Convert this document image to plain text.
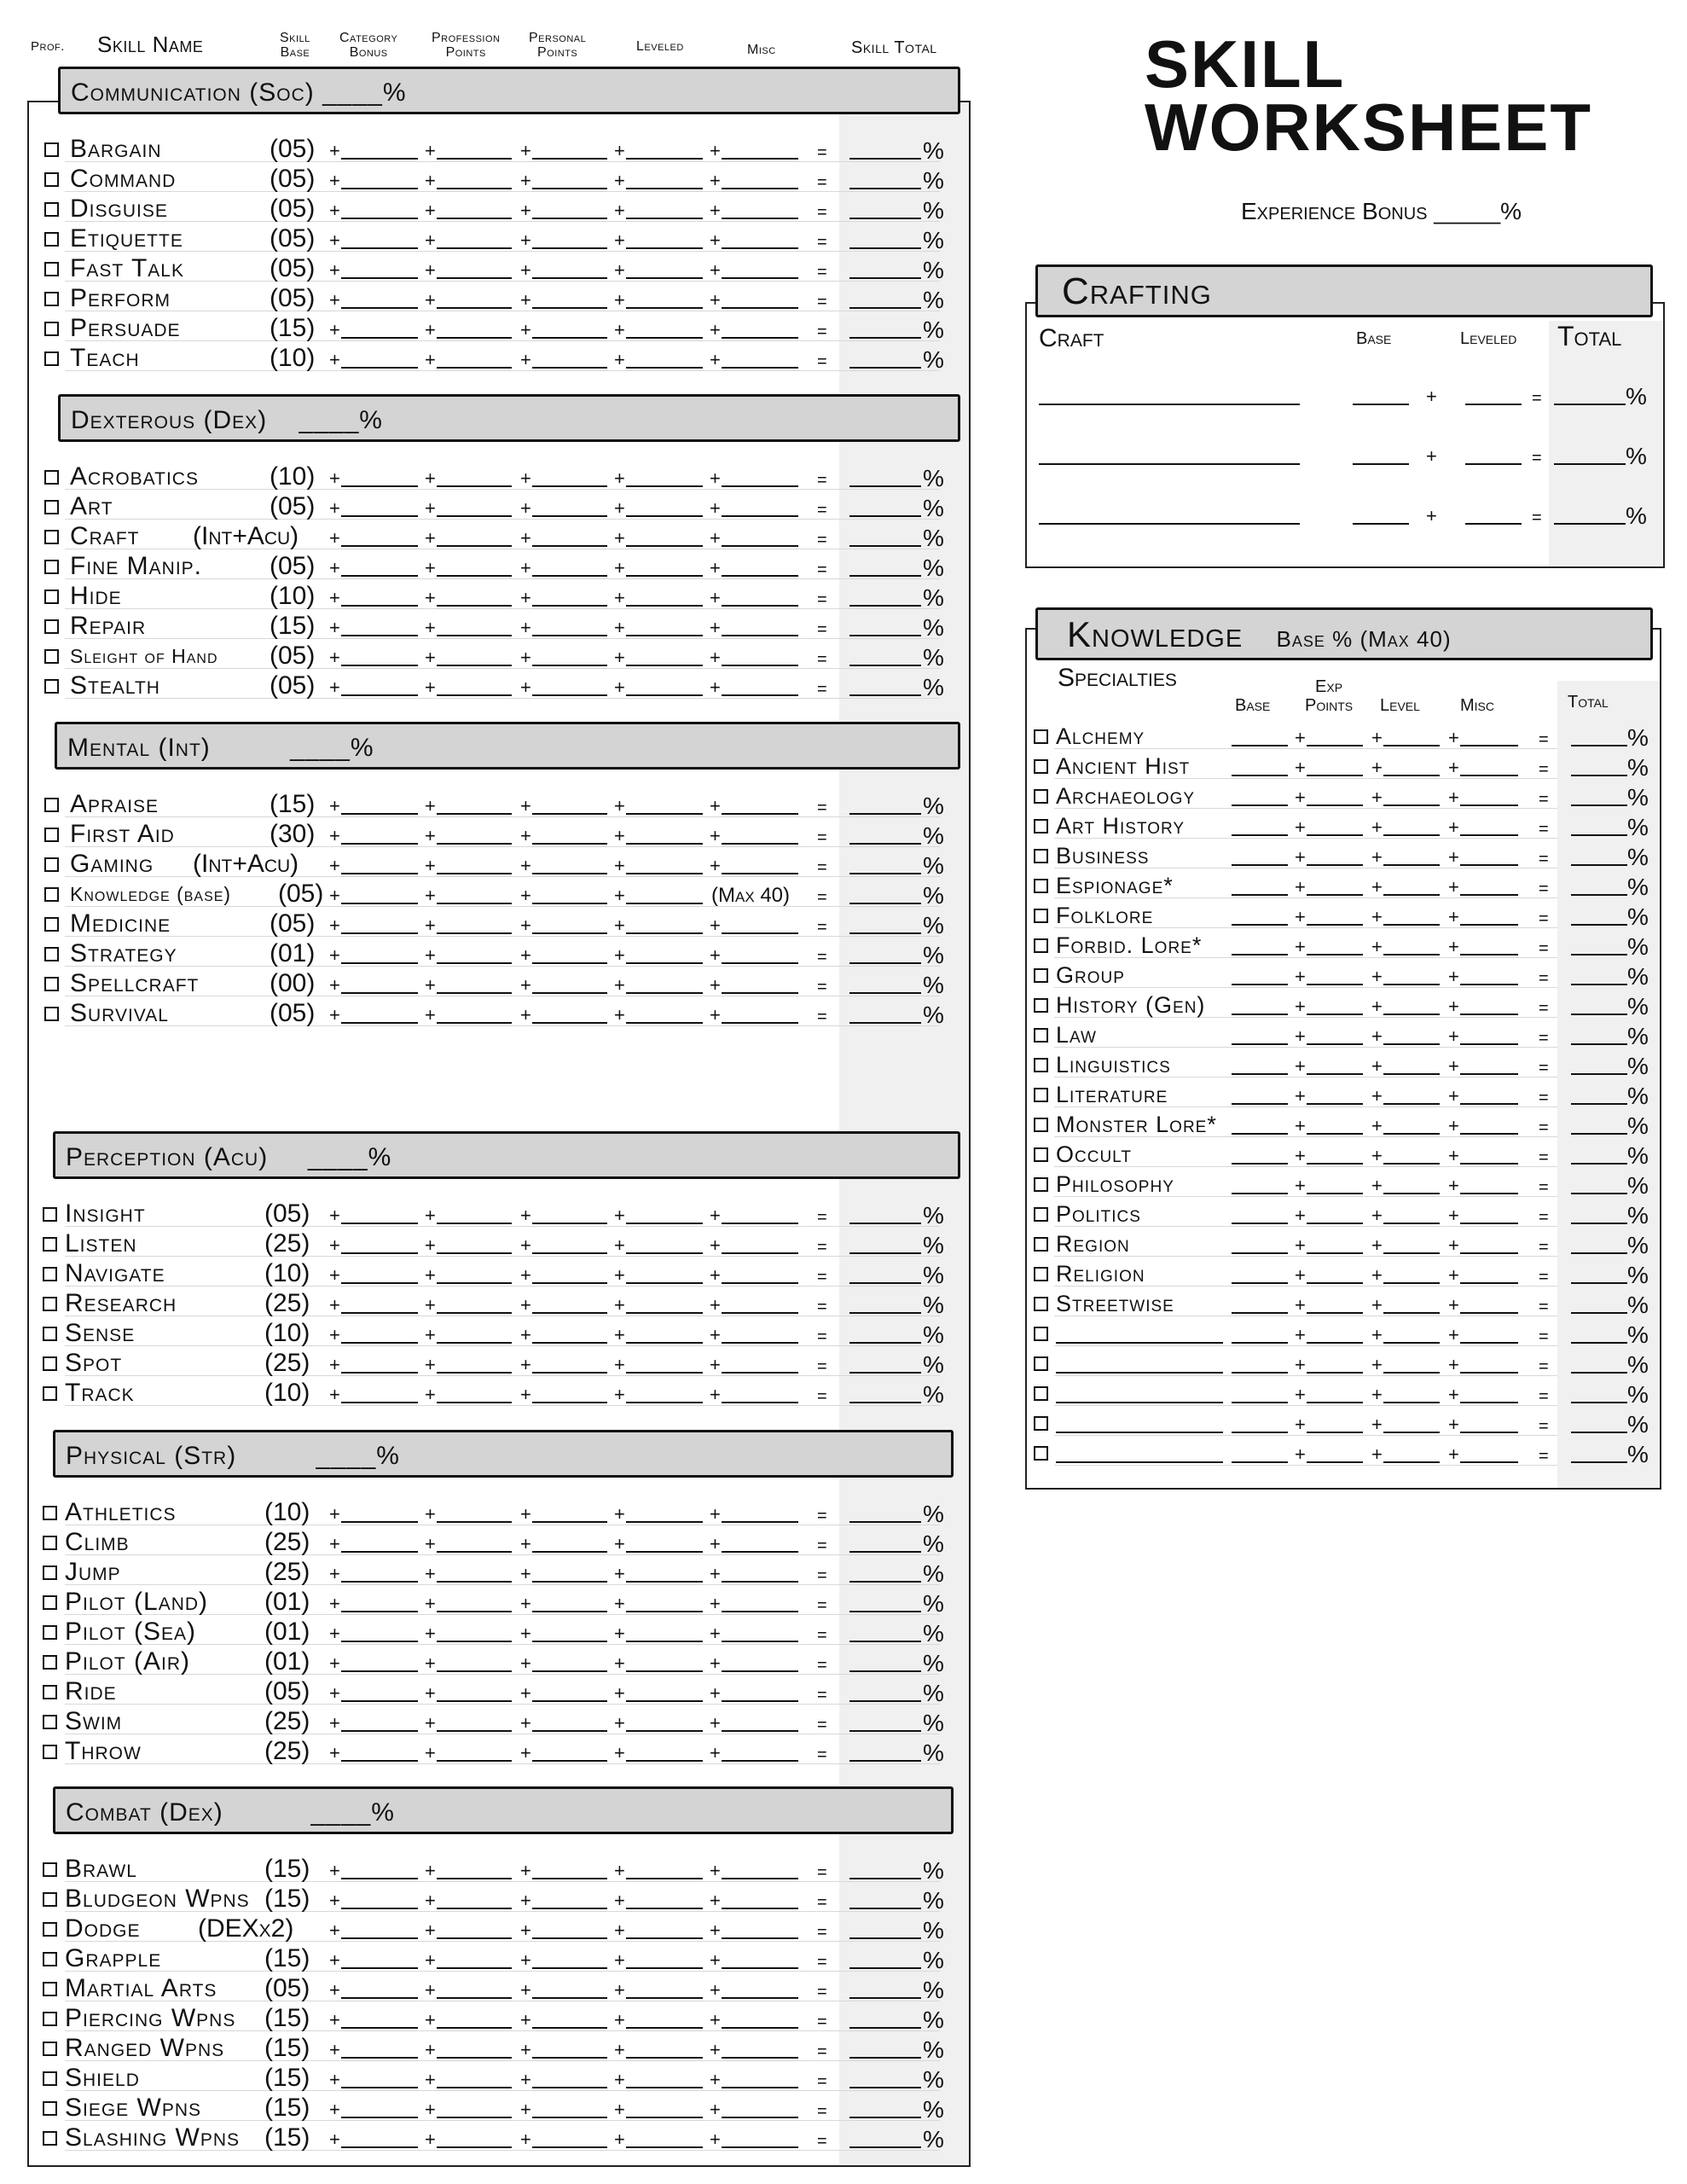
SKILL
WORKSHEET
Experience Bonus _____%
Prof. Skill Name	Skill
Base
Category
Bonus
Profession
Points
Personal
Points	Leveled	Misc	Skill Total
Communication (Soc) ____%
Bargain	(05) +	+	+	+	+	=	%
Command	(05) +	+	+	+	+	=	%
Disguise	(05) +	+	+	+	+	=	%
Etiquette	(05) +	+	+	+	+	=	%
Fast Talk	(05) +	+	+	+	+	=	%
Perform	(05) +	+	+	+	+	=	%
Persuade	(15) +	+	+	+	+	=	%
Teach	(10) +	+	+	+	+	=	%
Dexterous (Dex)    ____%
Acrobatics	(10) +	+	+	+	+	=	%
Art	(05) +	+	+	+	+	=	%
Craft (Int+Acu) +	+	+	+	+	=	%
Fine Manip.	(05) +	+	+	+	+	=	%
Hide	(10) +	+	+	+	+	=	%
Repair	(15) +	+	+	+	+	=	%
Sleight of Hand (05) +	+	+	+	+	=	%
Stealth	(05) +	+	+	+	+	=	%
Mental (Int)          ____%
Apraise	(15) +	+	+	+	+	=	%
First Aid	(30) +	+	+	+	+	=	%
Gaming (Int+Acu) +	+	+	+	+	=	%
Knowledge (base) (05) +	+	+	+	(Max 40) =	%
Medicine	(05) +	+	+	+	+	=	%
Strategy	(01) +	+	+	+	+	=	%
Spellcraft	(00) +	+	+	+	+	=	%
Survival	(05) +	+	+	+	+	=	%
Perception (Acu)     ____%
Insight	(05) +	+	+	+	+	=	%
Listen	(25) +	+	+	+	+	=	%
Navigate	(10) +	+	+	+	+	=	%
Research	(25) +	+	+	+	+	=	%
Sense	(10) +	+	+	+	+	=	%
Spot	(25) +	+	+	+	+	=	%
Track	(10) +	+	+	+	+	=	%
Physical (Str)          ____%
Athletics	(10) +	+	+	+	+	=	%
Climb	(25) +	+	+	+	+	=	%
Jump	(25) +	+	+	+	+	=	%
Pilot (Land) (01) +	+	+	+	+	=	%
Pilot (Sea)	(01) +	+	+	+	+	=	%
Pilot (Air)	(01) +	+	+	+	+	=	%
Ride	(05) +	+	+	+	+	=	%
Swim	(25) +	+	+	+	+	=	%
Throw	(25) +	+	+	+	+	=	%
Combat (Dex)           ____%
Brawl	(15) +	+	+	+	+	=	%
Bludgeon Wpns (15) +	+	+	+	+	=	%
Dodge (DEXx2) +	+	+	+	+	=	%
Grapple	(15) +	+	+	+	+	=	%
Martial Arts (05) +	+	+	+	+	=	%
Piercing Wpns (15) +	+	+	+	+	=	%
Ranged Wpns (15) +	+	+	+	+	=	%
Shield	(15) +	+	+	+	+	=	%
Siege Wpns (15) +	+	+	+	+	=	%
Slashing Wpns (15) +	+	+	+	+	=	%
Crafting
Craft	Base	Leveled Total
+	=	%
+	=	%
+	=	%
Knowledge Base % (Max 40)
Specialties
Base
Exp
Points Level Misc	Total
Alchemy	+	+	+	=	%
Ancient Hist	+	+	+	=	%
Archaeology	+	+	+	=	%
Art History	+	+	+	=	%
Business	+	+	+	=	%
Espionage*	+	+	+	=	%
Folklore	+	+	+	=	%
Forbid. Lore*	+	+	+	=	%
Group	+	+	+	=	%
History (Gen)	+	+	+	=	%
Law	+	+	+	=	%
Linguistics	+	+	+	=	%
Literature	+	+	+	=	%
Monster Lore*	+	+	+	=	%
Occult	+	+	+	=	%
Philosophy	+	+	+	=	%
Politics	+	+	+	=	%
Region	+	+	+	=	%
Religion	+	+	+	=	%
Streetwise	+	+	+	=	%
+	+	+	=	%
+	+	+	=	%
+	+	+	=	%
+	+	+	=	%
+	+	+	=	%
